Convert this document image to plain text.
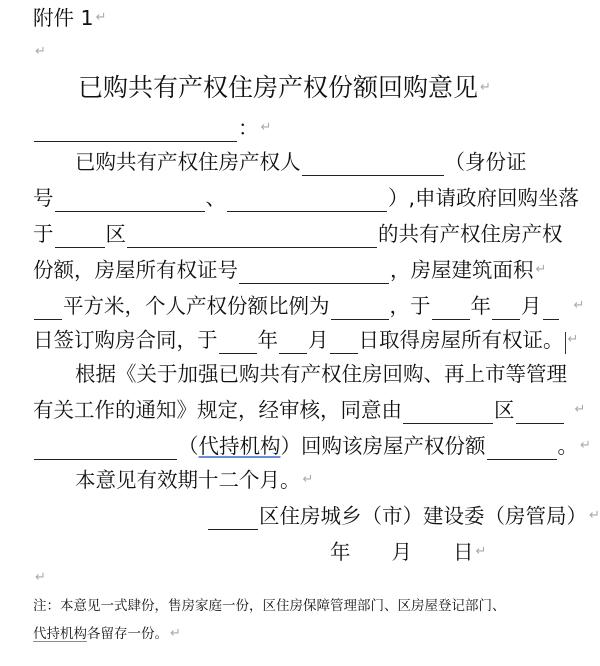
附件 1 ↵
↵
已购共有产权住房产权份额回购意见 ↵
： ↵
已购共有产权住房产权人	（身份证
号	、	）,申请政府回购坐落
于	区	的共有产权住房产权
份额，房屋所有权证号	，房屋建筑面积 ↵
平方米，个人产权份额比例为	，于 年 月 ↵
日签订购房合同，于 年 月 日取得房屋所有权证。 ↵
根据《关于加强已购共有产权住房回购、再上市等管理
有关工作的通知》规定，经审核，同意由	区	↵
（ 代持机构 ）回购该房屋产权份额	。 ↵
本意见有效期十二个月。 ↵
区住房城乡（市）建设委（房管局） ↵
年　　月　　日 ↵
↵
注：本意见一式肆份，售房家庭一份，区住房保障管理部门、区房屋登记部门、
代持机构 各留存一份。 ↵
